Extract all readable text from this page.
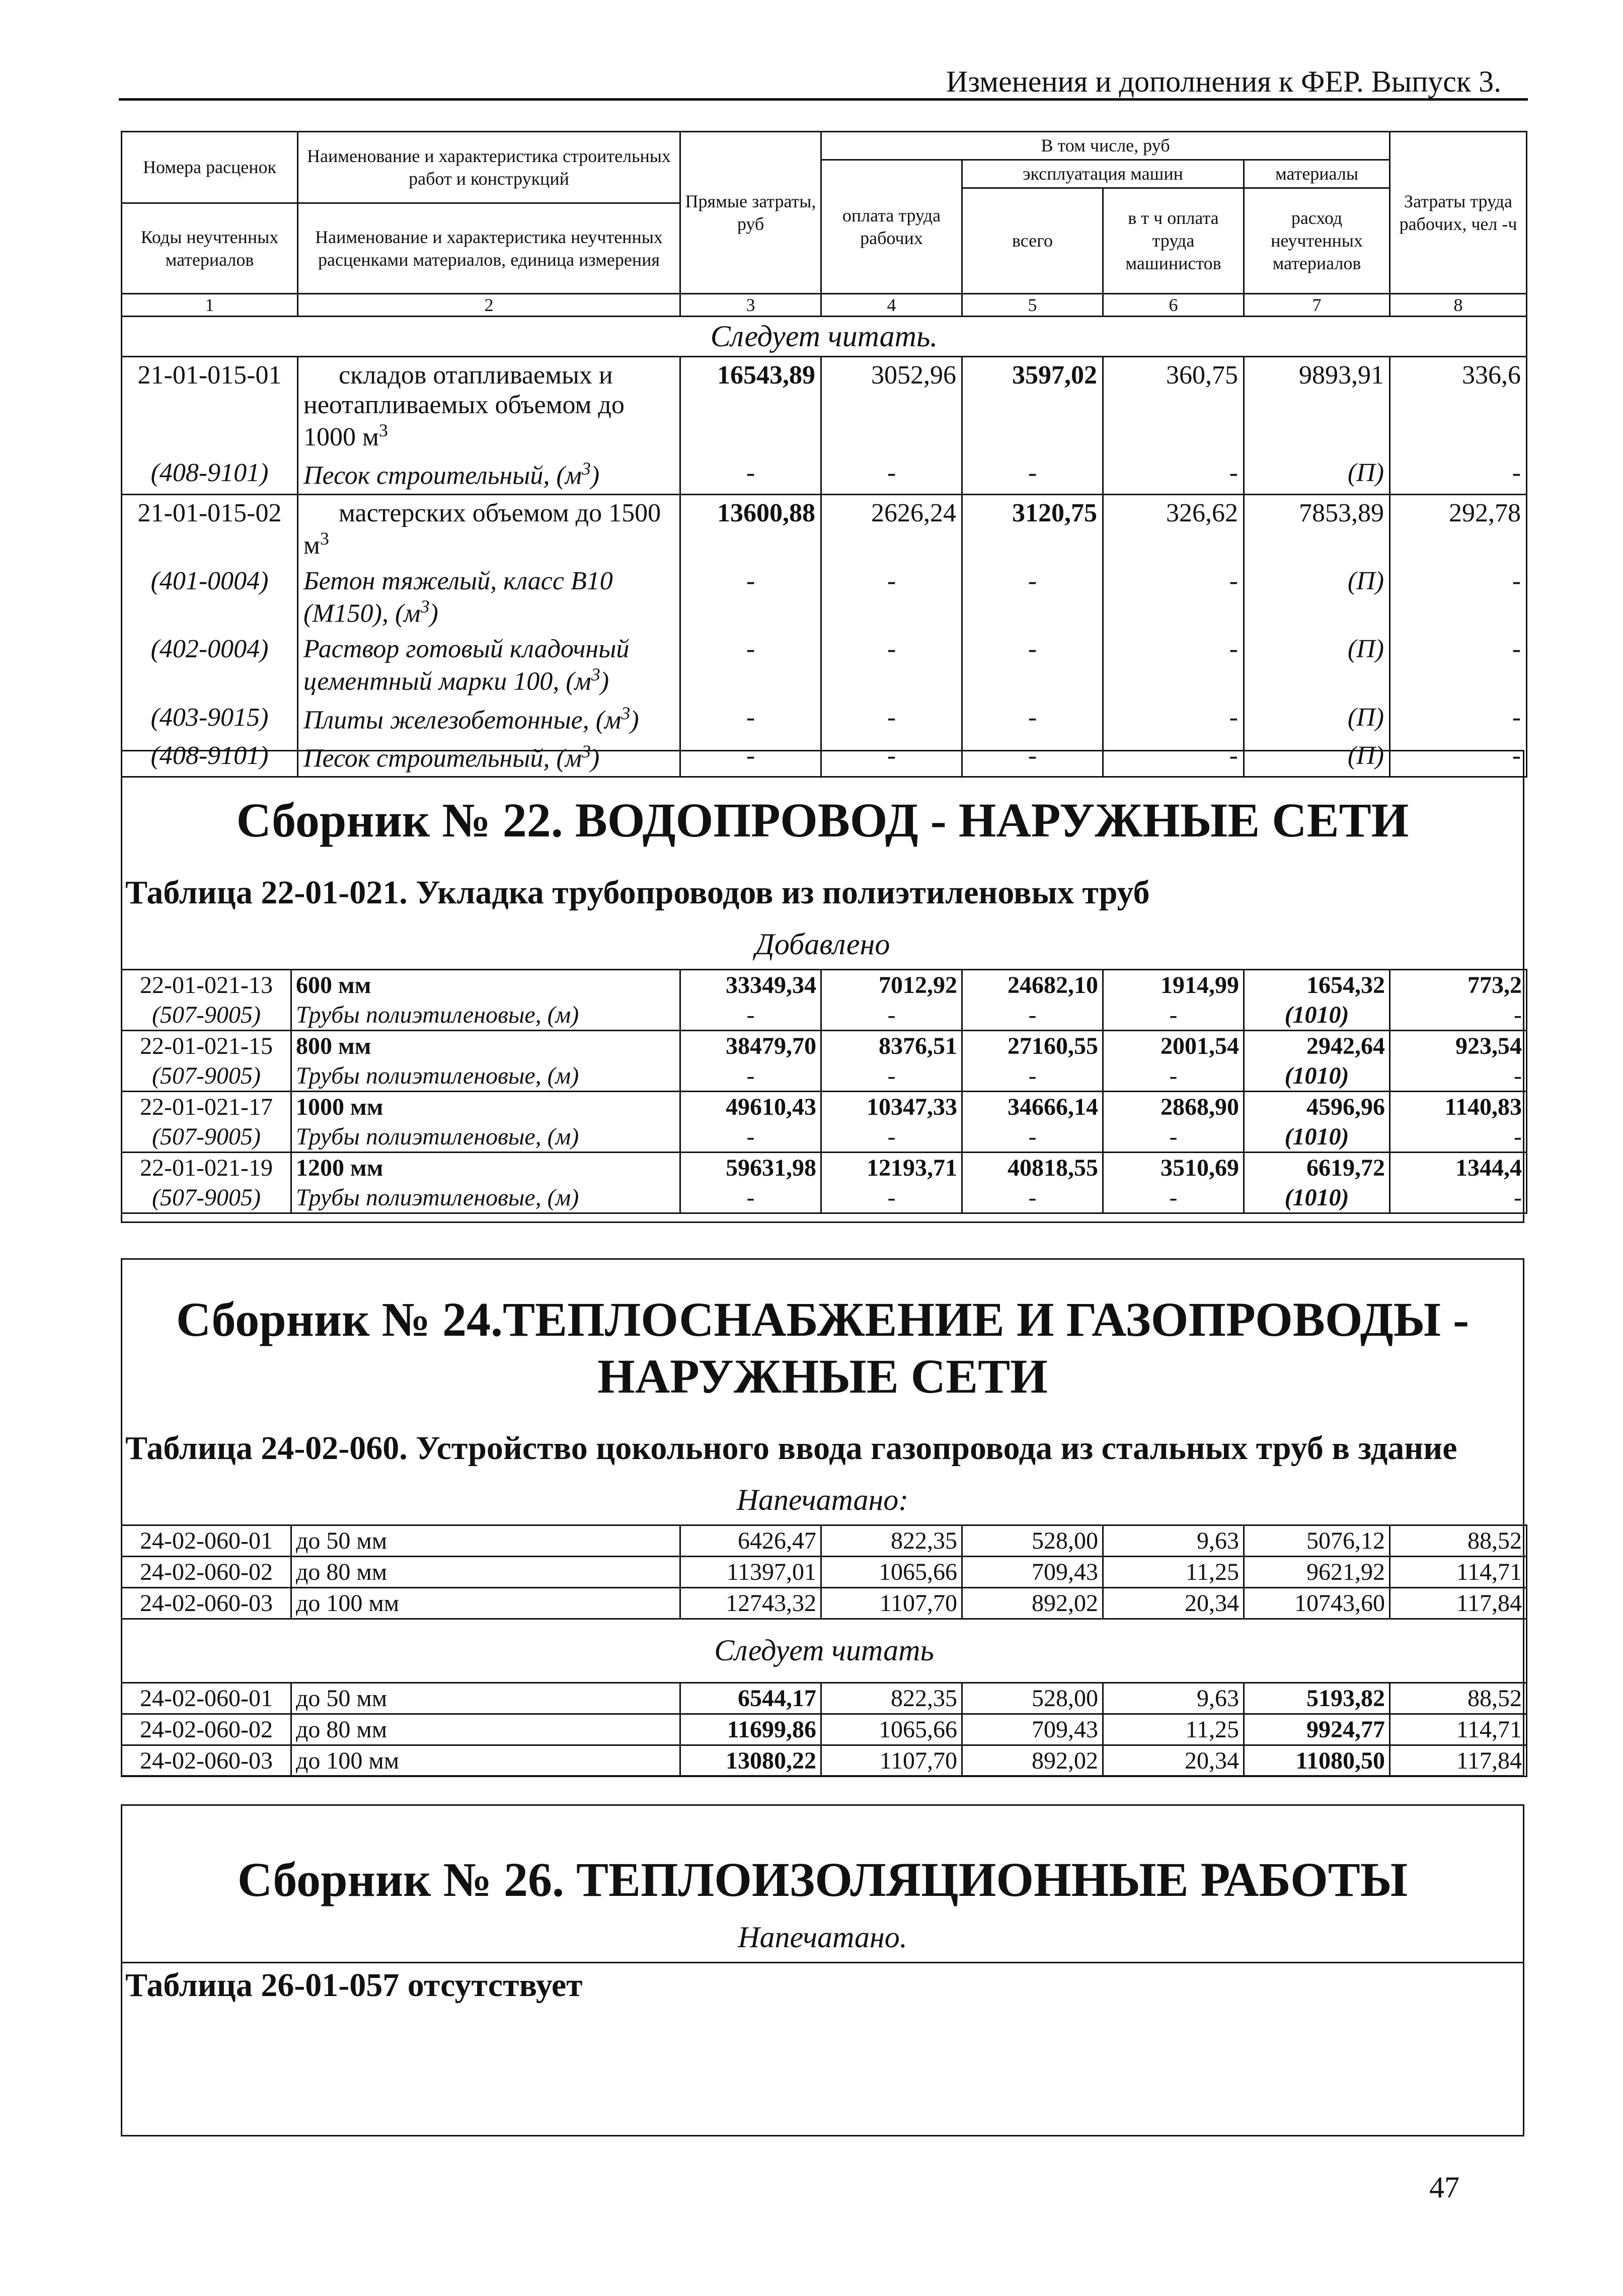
Изменения и дополнения к ФЕР. Выпуск 3.
Номера расценок	Наименование и характеристика строительных работ и конструкций	Прямые затраты, руб	В том числе, руб				Затраты труда рабочих, чел -ч
			оплата труда рабочих	эксплуатация машин		материалы	
				всего	в т ч оплата труда машинистов	расход неучтенных материалов	
Коды неучтенных материалов	Наименование и характеристика неучтенных расценками материалов, единица измерения						

1	2	3	4	5	6	7	8
Следует читать.							
21-01-015-01	складов отапливаемых и неотапливаемых объемом до 1000 $м^3$	16543,89	3052,96	3597,02	360,75	9893,91	336,6
(408-9101)	Песок строительный, $(м^3)$	-	-	-	-	(П)	-
21-01-015-02	мастерских объемом до 1500 $м^3$	13600,88	2626,24	3120,75	326,62	7853,89	292,78
(401-0004)	Бетон тяжелый, класс В10 (М150), $(м^3)$	-	-	-	-	(П)	-
(402-0004)	Раствор готовый кладочный цементный марки 100, $(м^3)$	-	-	-	-	(П)	-
(403-9015)	Плиты железобетонные, $(м^3)$	-	-	-	-	(П)	-
(408-9101)	Песок строительный, $(м^3)$	-	-	-	-	(П)	-
Сборник № 22. ВОДОПРОВОД - НАРУЖНЫЕ СЕТИ
Таблица 22-01-021. Укладка трубопроводов из полиэтиленовых труб
Добавлено
22-01-021-13	600 мм	33349,34	7012,92	24682,10	1914,99	1654,32	773,2
(507-9005)	Трубы полиэтиленовые, (м)	-	-	-	-	(1010)	-
22-01-021-15	800 мм	38479,70	8376,51	27160,55	2001,54	2942,64	923,54
(507-9005)	Трубы полиэтиленовые, (м)	-	-	-	-	(1010)	-
22-01-021-17	1000 мм	49610,43	10347,33	34666,14	2868,90	4596,96	1140,83
(507-9005)	Трубы полиэтиленовые, (м)	-	-	-	-	(1010)	-
22-01-021-19	1200 мм	59631,98	12193,71	40818,55	3510,69	6619,72	1344,4
(507-9005)	Трубы полиэтиленовые, (м)	-	-	-	-	(1010)	-
Сборник № 24.ТЕПЛОСНАБЖЕНИЕ И ГАЗОПРОВОДЫ - НАРУЖНЫЕ СЕТИ
Таблица 24-02-060. Устройство цокольного ввода газопровода из стальных труб в здание
Напечатано:
24-02-060-01	до 50 мм	6426,47	822,35	528,00	9,63	5076,12	88,52
24-02-060-02	до 80 мм	11397,01	1065,66	709,43	11,25	9621,92	114,71
24-02-060-03	до 100 мм	12743,32	1107,70	892,02	20,34	10743,60	117,84
Следует читать							
24-02-060-01	до 50 мм	6544,17	822,35	528,00	9,63	5193,82	88,52
24-02-060-02	до 80 мм	11699,86	1065,66	709,43	11,25	9924,77	114,71
24-02-060-03	до 100 мм	13080,22	1107,70	892,02	20,34	11080,50	117,84
Сборник № 26. ТЕПЛОИЗОЛЯЦИОННЫЕ РАБОТЫ
Напечатано.
Таблица 26-01-057 отсутствует
47
